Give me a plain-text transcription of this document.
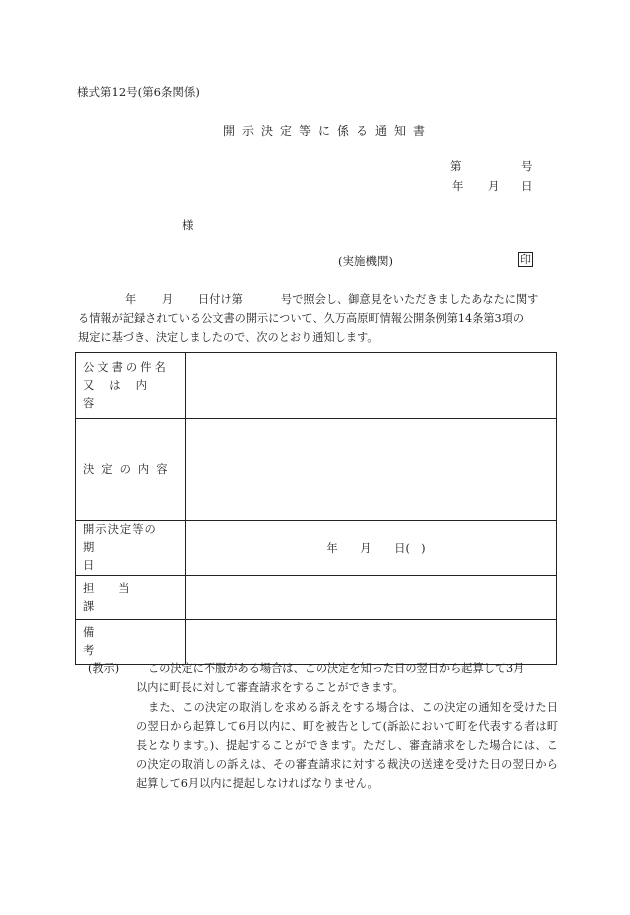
様式第12号(第6条関係)
開示決定等に係る通知書
第	号
年 月 日
様
(実施機関)	印
年 月 日付け第	号で照会し、御意見をいただきましたあなたに関す
る情報が記録されている公文書の開示について、久万高原町情報公開条例第14条第3項の
規定に基づき、決定しましたので、次のとおり通知します。
公文書の件名
又は内容	

決定の内容	

開示決定等の
期日	年　　月　　日(　)

担当課	

備考	

(教示)	この決定に不服がある場合は、この決定を知った日の翌日から起算して3月
以内に町長に対して審査請求をすることができます。
また、この決定の取消しを求める訴えをする場合は、この決定の通知を受けた日の翌日から起算して6月以内に、町を被告として(訴訟において町を代表する者は町長となります。)、提起することができます。ただし、審査請求をした場合には、この決定の取消しの訴えは、その審査請求に対する裁決の送達を受けた日の翌日から起算して6月以内に提起しなければなりません。
